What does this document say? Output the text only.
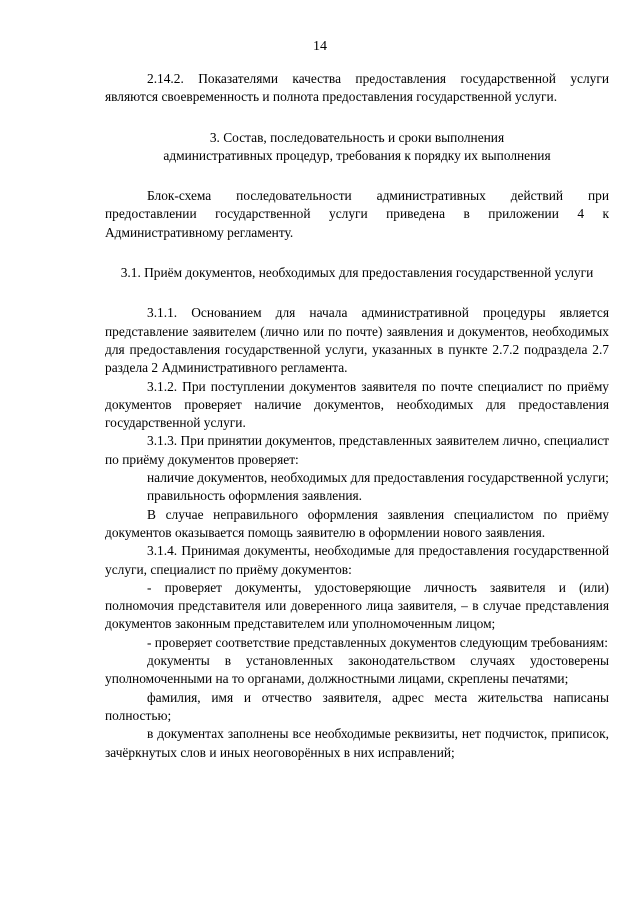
14

2.14.2. Показателями качества предоставления государственной услуги являются своевременность и полнота предоставления государственной услуги.

3. Состав, последовательность и сроки выполнения

административных процедур, требования к порядку их выполнения

Блок-схема последовательности административных действий при предоставлении государственной услуги приведена в приложении 4 к Административному регламенту.

3.1. Приём документов, необходимых для предоставления государственной услуги

3.1.1. Основанием для начала административной процедуры является представление заявителем (лично или по почте) заявления и документов, необходимых для предоставления государственной услуги, указанных в пункте 2.7.2 подраздела 2.7 раздела 2 Административного регламента.

3.1.2. При поступлении документов заявителя по почте специалист по приёму документов проверяет наличие документов, необходимых для предоставления государственной услуги.

3.1.3. При принятии документов, представленных заявителем лично, специалист по приёму документов проверяет:

наличие документов, необходимых для предоставления государственной услуги;

правильность оформления заявления.

В случае неправильного оформления заявления специалистом по приёму документов оказывается помощь заявителю в оформлении нового заявления.

3.1.4. Принимая документы, необходимые для предоставления государственной услуги, специалист по приёму документов:

- проверяет документы, удостоверяющие личность заявителя и (или) полномочия представителя или доверенного лица заявителя, – в случае представления документов законным представителем или уполномоченным лицом;

- проверяет соответствие представленных документов следующим требованиям:

документы в установленных законодательством случаях удостоверены уполномоченными на то органами, должностными лицами, скреплены печатями;

фамилия, имя и отчество заявителя, адрес места жительства написаны полностью;

в документах заполнены все необходимые реквизиты, нет подчисток, приписок, зачёркнутых слов и иных неоговорённых в них исправлений;
